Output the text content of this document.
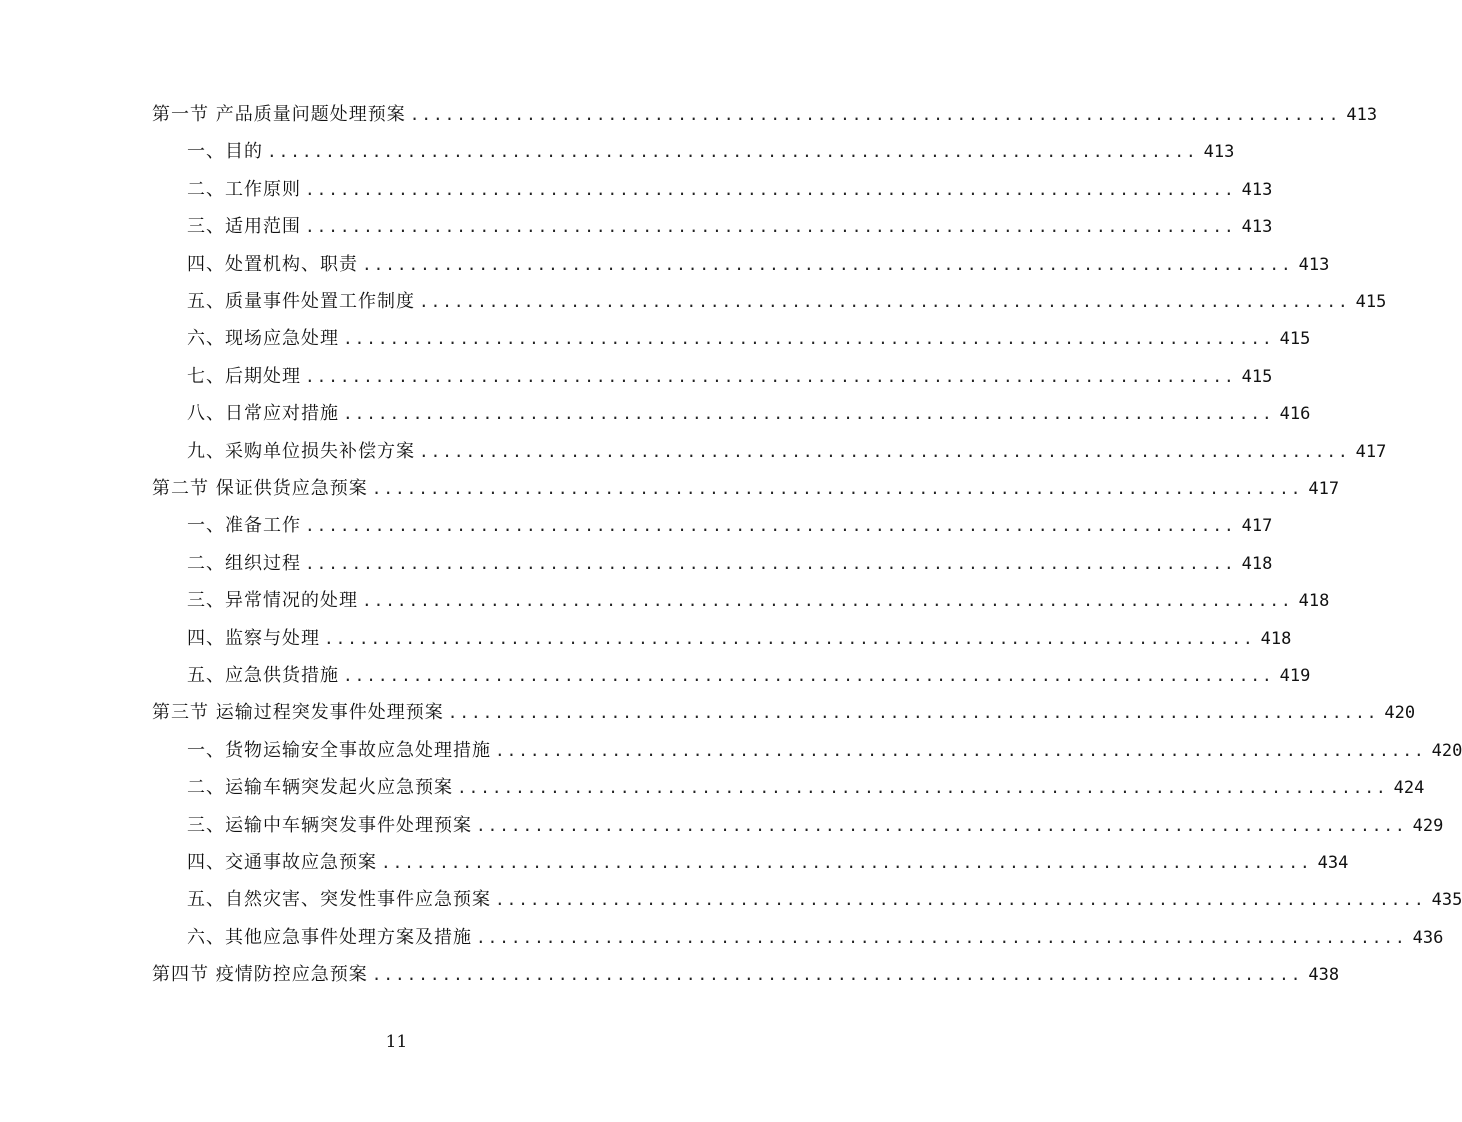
第一节 产品质量问题处理预案 ................................................................................ 413
一、目的 ................................................................................ 413
二、工作原则 ................................................................................ 413
三、适用范围 ................................................................................ 413
四、处置机构、职责 ................................................................................ 413
五、质量事件处置工作制度 ................................................................................ 415
六、现场应急处理 ................................................................................ 415
七、后期处理 ................................................................................ 415
八、日常应对措施 ................................................................................ 416
九、采购单位损失补偿方案 ................................................................................ 417
第二节 保证供货应急预案 ................................................................................ 417
一、准备工作 ................................................................................ 417
二、组织过程 ................................................................................ 418
三、异常情况的处理 ................................................................................ 418
四、监察与处理 ................................................................................ 418
五、应急供货措施 ................................................................................ 419
第三节 运输过程突发事件处理预案 ................................................................................ 420
一、货物运输安全事故应急处理措施 ................................................................................ 420
二、运输车辆突发起火应急预案 ................................................................................ 424
三、运输中车辆突发事件处理预案 ................................................................................ 429
四、交通事故应急预案 ................................................................................ 434
五、自然灾害、突发性事件应急预案 ................................................................................ 435
六、其他应急事件处理方案及措施 ................................................................................ 436
第四节 疫情防控应急预案 ................................................................................ 438
11
